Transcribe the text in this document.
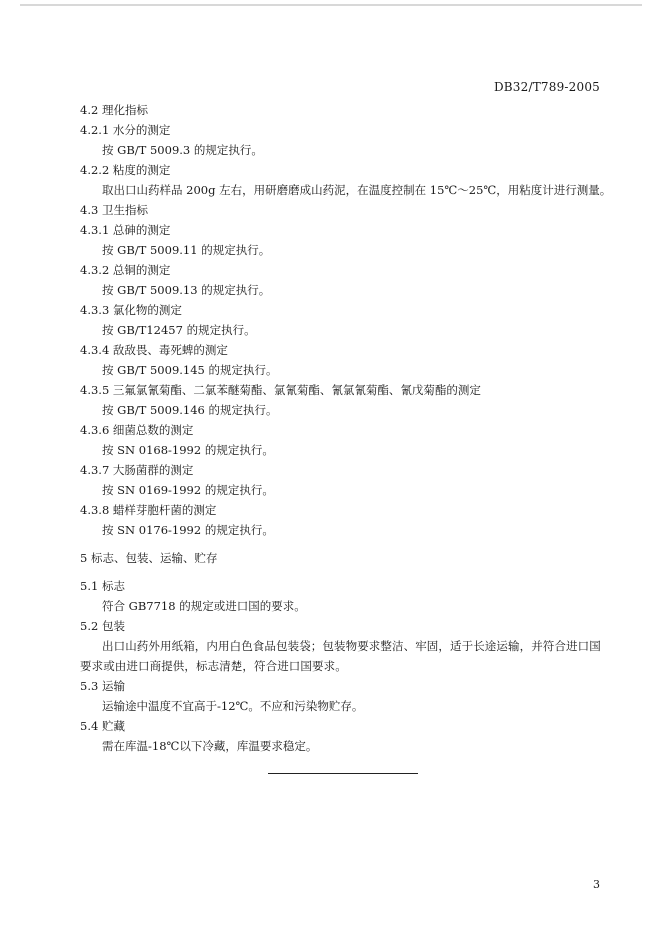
DB32/T789-2005
4.2 理化指标
4.2.1 水分的测定
按 GB/T 5009.3 的规定执行。
4.2.2 粘度的测定
取出口山药样品 200g 左右，用研磨磨成山药泥，在温度控制在 15℃～25℃，用粘度计进行测量。
4.3 卫生指标
4.3.1 总砷的测定
按 GB/T 5009.11 的规定执行。
4.3.2 总铜的测定
按 GB/T 5009.13 的规定执行。
4.3.3 氯化物的测定
按 GB/T12457 的规定执行。
4.3.4 敌敌畏、毒死蜱的测定
按 GB/T 5009.145 的规定执行。
4.3.5 三氟氯氰菊酯、二氯苯醚菊酯、氯氰菊酯、氰氯氰菊酯、氰戊菊酯的测定
按 GB/T 5009.146 的规定执行。
4.3.6 细菌总数的测定
按 SN 0168-1992 的规定执行。
4.3.7 大肠菌群的测定
按 SN 0169-1992 的规定执行。
4.3.8 蜡样芽胞杆菌的测定
按 SN 0176-1992 的规定执行。
5 标志、包装、运输、贮存
5.1 标志
符合 GB7718 的规定或进口国的要求。
5.2 包装
出口山药外用纸箱，内用白色食品包装袋；包装物要求整洁、牢固，适于长途运输，并符合进口国要求或由进口商提供，标志清楚，符合进口国要求。
5.3 运输
运输途中温度不宜高于-12℃。不应和污染物贮存。
5.4 贮藏
需在库温-18℃以下冷藏，库温要求稳定。
3
